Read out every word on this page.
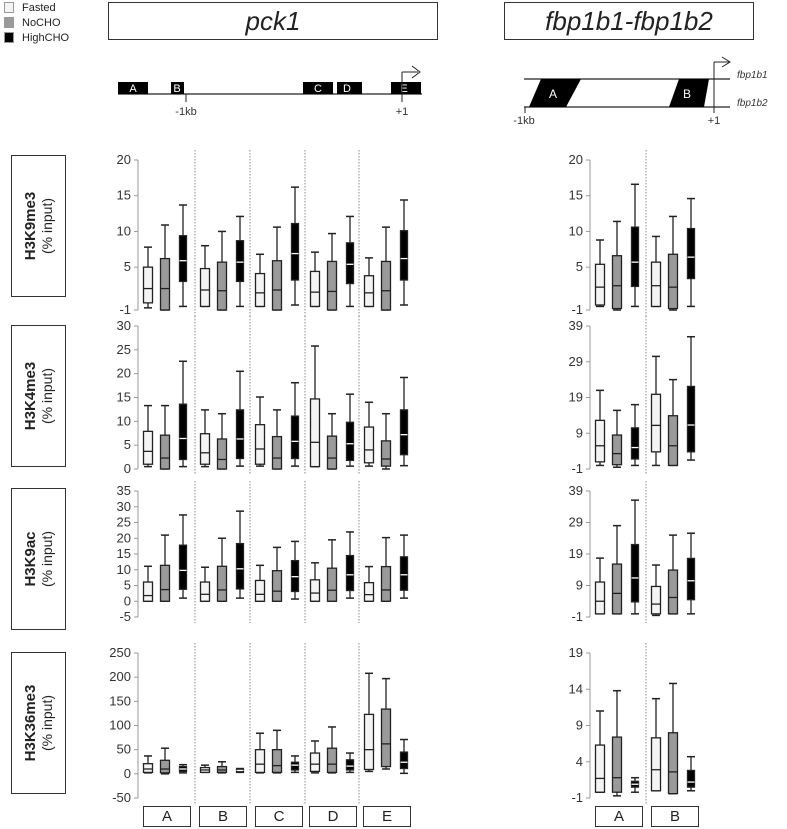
Fasted
NoCHO
HighCHO
pck1	fbp1b1-fbp1b2
H3K9me3 (% input)
H3K4me3 (% input)
H3K9ac (% input)
H3K36me3 (% input)
A	B	C	D	E	A	B
A	B	C D	E
-1kb	+1
A	B
fbp1b1
fbp1b2
-1kb	+1
-1
5
10
15
20
0
5
10
15
20
25
30
-5
0
5
10
15
20
25
30
35
-50
0
50
100
150
200
250
-1
5
10
15
20
-1
9
19
29
39
-1
9
19
29
39
-1
4
9
14
19
